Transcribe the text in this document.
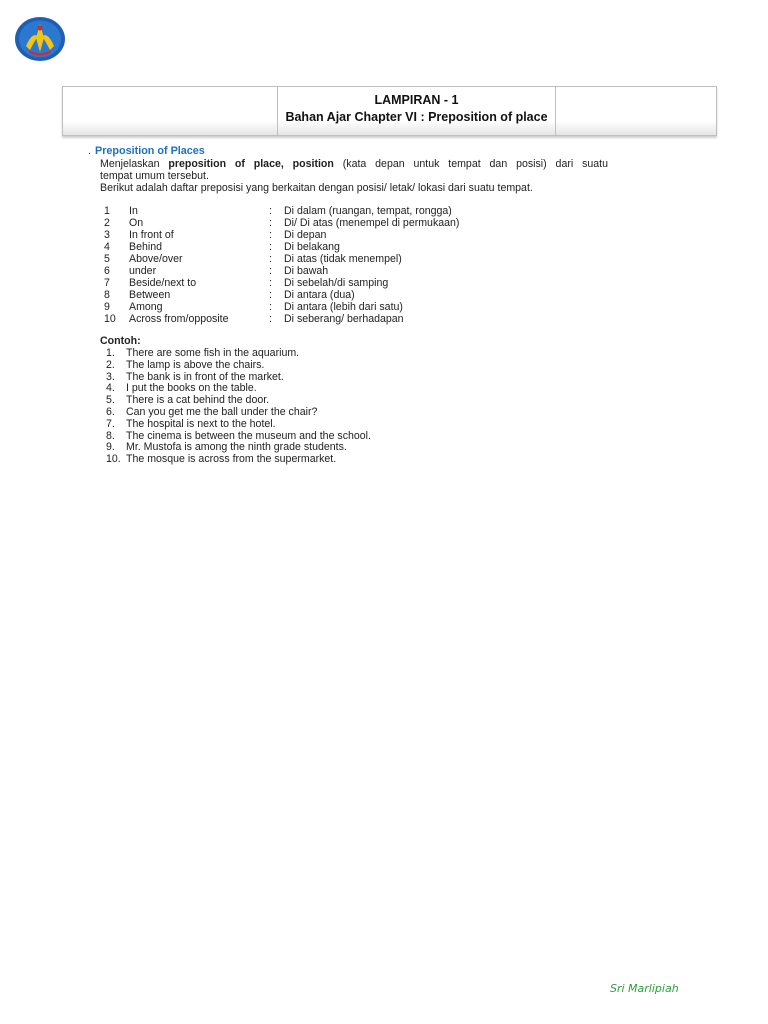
LAMPIRAN - 1
Bahan Ajar Chapter VI : Preposition of place
. Preposition of Places

Menjelaskan preposition of place, position (kata depan untuk tempat dan posisi) dari suatu

tempat umum tersebut.

Berikut adalah daftar preposisi yang berkaitan dengan posisi/ letak/ lokasi dari suatu tempat.

1	In	:	Di dalam (ruangan, tempat, rongga)
2	On	:	Di/ Di atas (menempel di permukaan)
3	In front of	:	Di depan
4	Behind	:	Di belakang
5	Above/over	:	Di atas (tidak menempel)
6	under	:	Di bawah
7	Beside/next to	:	Di sebelah/di samping
8	Between	:	Di antara (dua)
9	Among	:	Di antara (lebih dari satu)
10	Across from/opposite	:	Di seberang/ berhadapan
Contoh:
1.	There are some fish in the aquarium.
2.	The lamp is above the chairs.
3.	The bank is in front of the market.
4.	I put the books on the table.
5.	There is a cat behind the door.
6.	Can you get me the ball under the chair?
7.	The hospital is next to the hotel.
8.	The cinema is between the museum and the school.
9.	Mr. Mustofa is among the ninth grade students.
10. The mosque is across from the supermarket.
Sri Marlipiah
